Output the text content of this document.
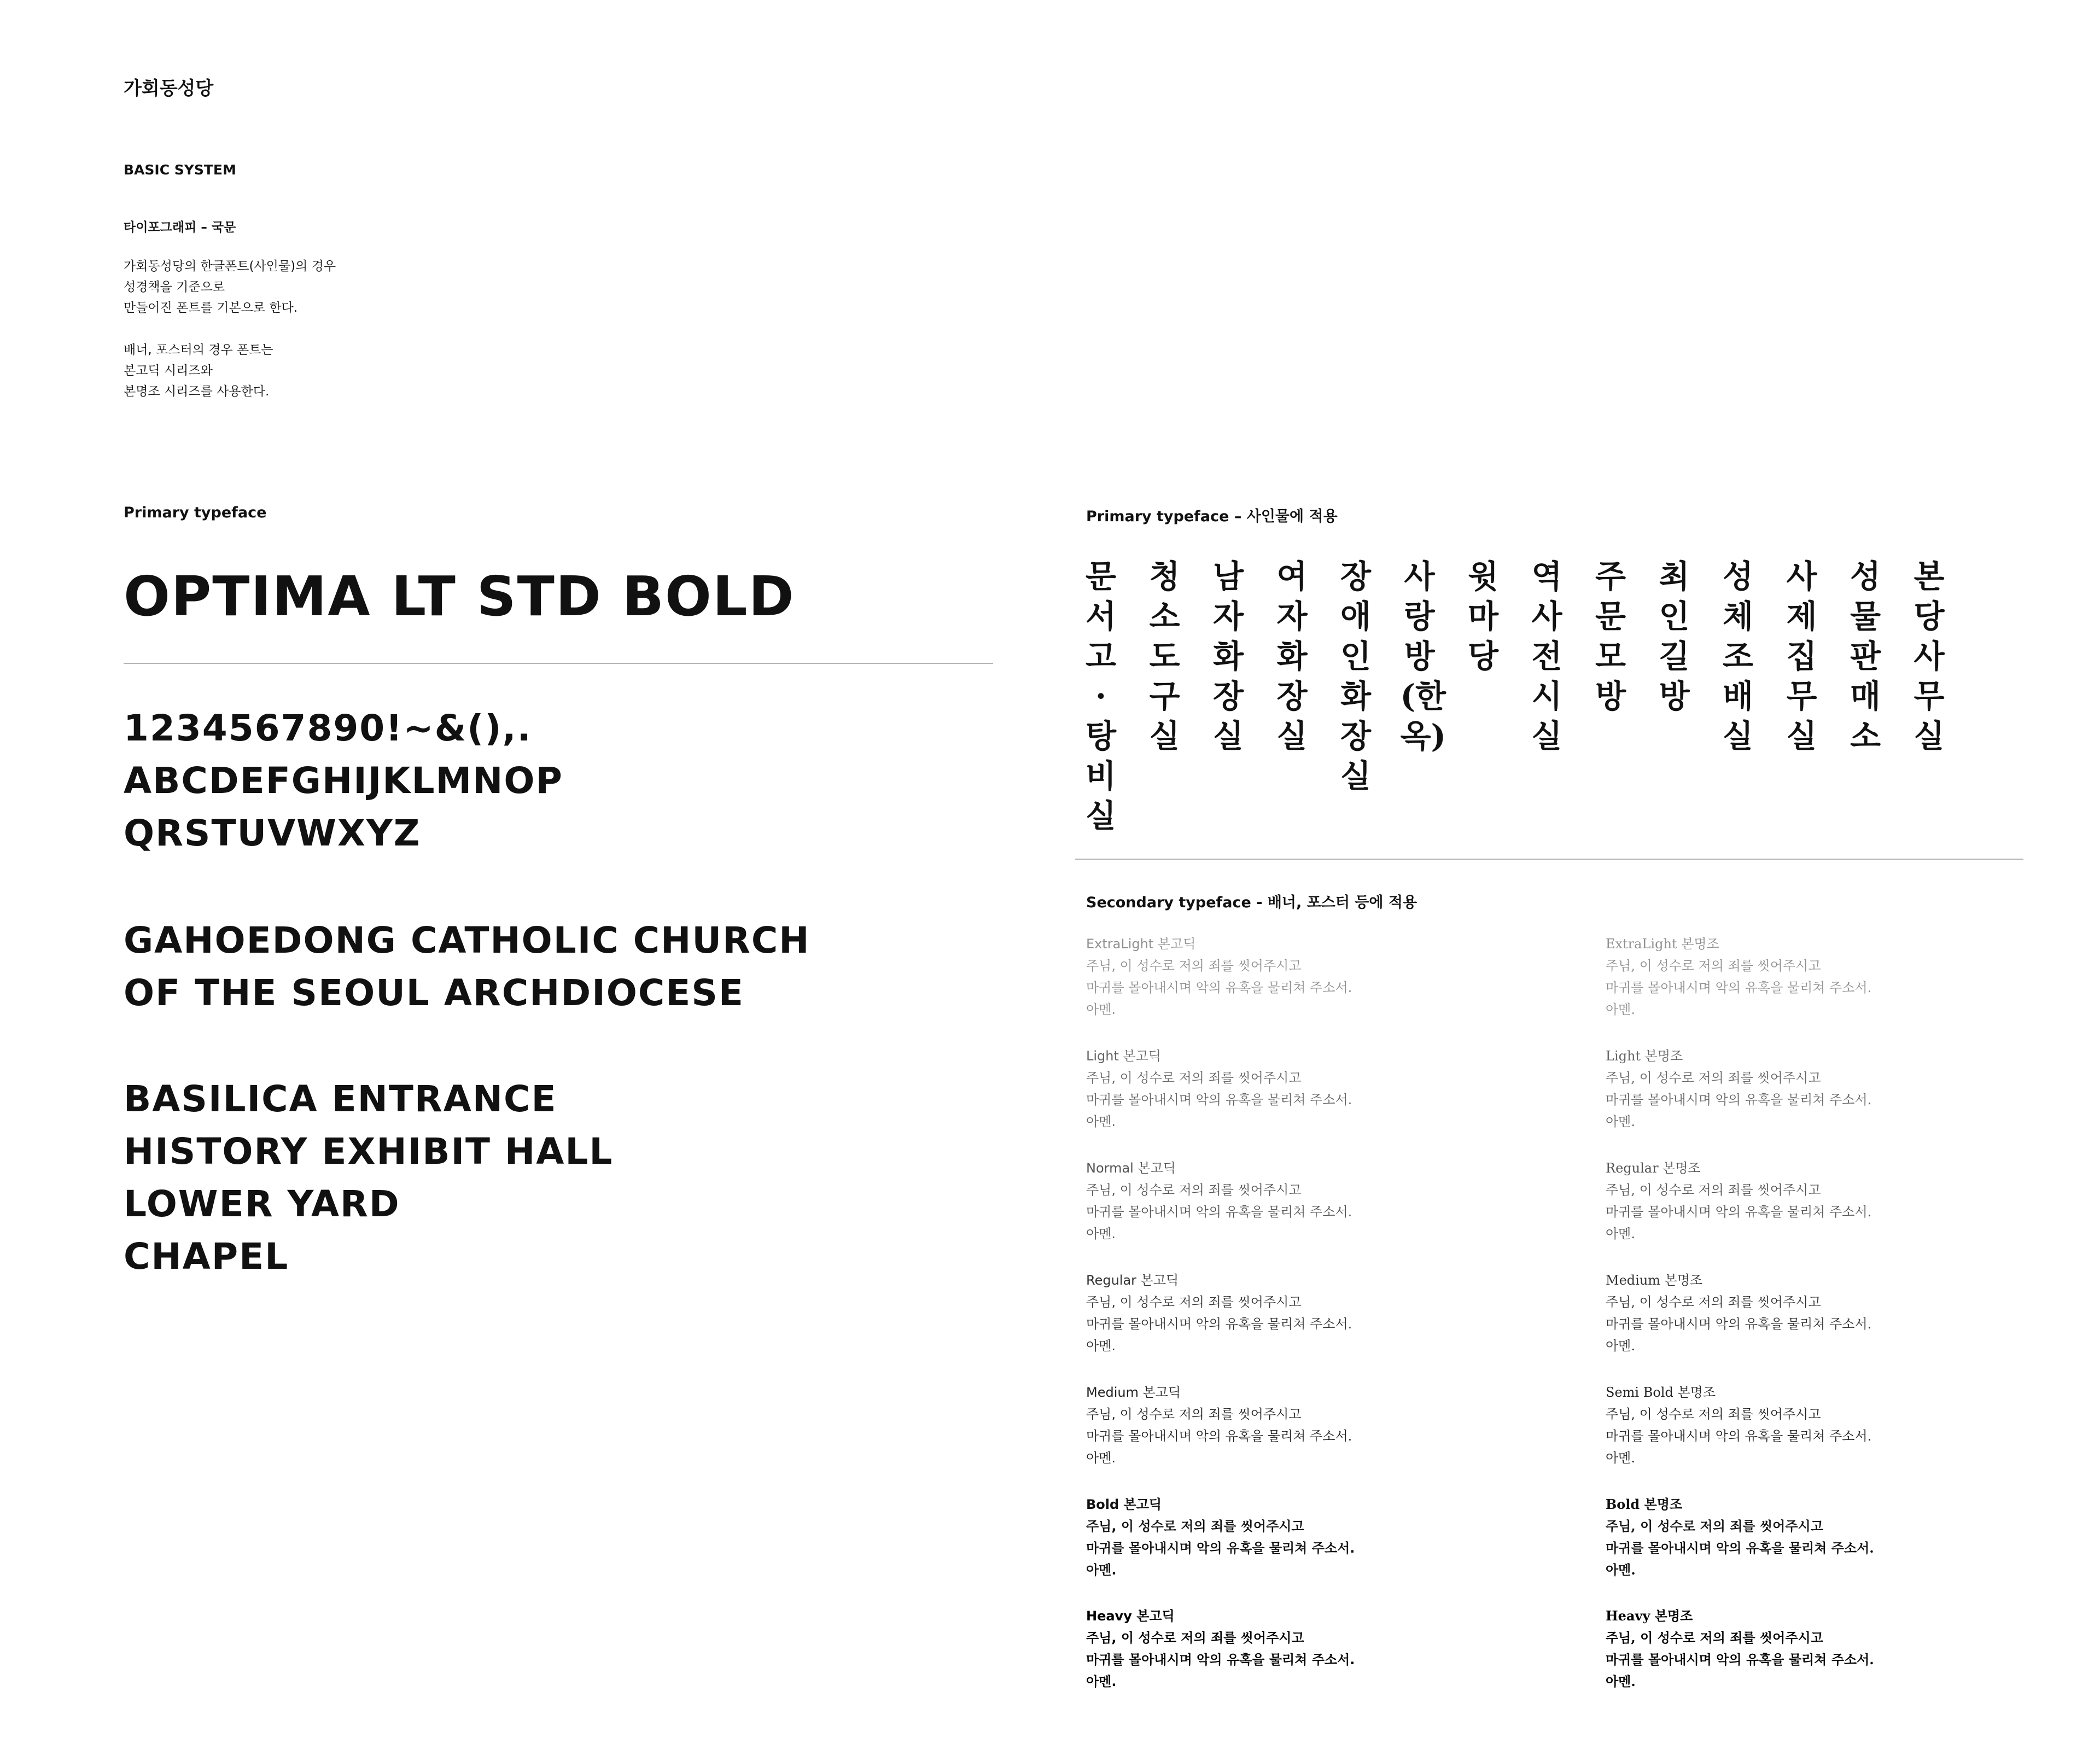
가회동성당
BASIC SYSTEM
타이포그래피 – 국문
가회동성당의 한글폰트(사인물)의 경우
성경책을 기준으로
만들어진 폰트를 기본으로 한다.
배너, 포스터의 경우 폰트는
본고딕 시리즈와
본명조 시리즈를 사용한다.
Primary typeface
OPTIMA LT STD BOLD
1234567890!~&(),.
ABCDEFGHIJKLMNOP
QRSTUVWXYZ
GAHOEDONG CATHOLIC CHURCH
OF THE SEOUL ARCHDIOCESE
BASILICA ENTRANCE
HISTORY EXHIBIT HALL
LOWER YARD
CHAPEL
Primary typeface – 사인물에 적용
문
서
고
·
탕
비
실
청
소
도
구
실
남
자
화
장
실
여
자
화
장
실
장
애
인
화
장
실
사
랑
방
(한
옥)
윗
마
당
역
사
전
시
실
주
문
모
방
최
인
길
방
성
체
조
배
실
사
제
집
무
실
성
물
판
매
소
본
당
사
무
실
Secondary typeface - 배너, 포스터 등에 적용
ExtraLight 본고딕
주님, 이 성수로 저의 죄를 씻어주시고
마귀를 몰아내시며 악의 유혹을 물리쳐 주소서.
아멘.
Light 본고딕
주님, 이 성수로 저의 죄를 씻어주시고
마귀를 몰아내시며 악의 유혹을 물리쳐 주소서.
아멘.
Normal 본고딕
주님, 이 성수로 저의 죄를 씻어주시고
마귀를 몰아내시며 악의 유혹을 물리쳐 주소서.
아멘.
Regular 본고딕
주님, 이 성수로 저의 죄를 씻어주시고
마귀를 몰아내시며 악의 유혹을 물리쳐 주소서.
아멘.
Medium 본고딕
주님, 이 성수로 저의 죄를 씻어주시고
마귀를 몰아내시며 악의 유혹을 물리쳐 주소서.
아멘.
Bold 본고딕
주님, 이 성수로 저의 죄를 씻어주시고
마귀를 몰아내시며 악의 유혹을 물리쳐 주소서.
아멘.
Heavy 본고딕
주님, 이 성수로 저의 죄를 씻어주시고
마귀를 몰아내시며 악의 유혹을 물리쳐 주소서.
아멘.
ExtraLight 본명조
주님, 이 성수로 저의 죄를 씻어주시고
마귀를 몰아내시며 악의 유혹을 물리쳐 주소서.
아멘.
Light 본명조
주님, 이 성수로 저의 죄를 씻어주시고
마귀를 몰아내시며 악의 유혹을 물리쳐 주소서.
아멘.
Regular 본명조
주님, 이 성수로 저의 죄를 씻어주시고
마귀를 몰아내시며 악의 유혹을 물리쳐 주소서.
아멘.
Medium 본명조
주님, 이 성수로 저의 죄를 씻어주시고
마귀를 몰아내시며 악의 유혹을 물리쳐 주소서.
아멘.
Semi Bold 본명조
주님, 이 성수로 저의 죄를 씻어주시고
마귀를 몰아내시며 악의 유혹을 물리쳐 주소서.
아멘.
Bold 본명조
주님, 이 성수로 저의 죄를 씻어주시고
마귀를 몰아내시며 악의 유혹을 물리쳐 주소서.
아멘.
Heavy 본명조
주님, 이 성수로 저의 죄를 씻어주시고
마귀를 몰아내시며 악의 유혹을 물리쳐 주소서.
아멘.
